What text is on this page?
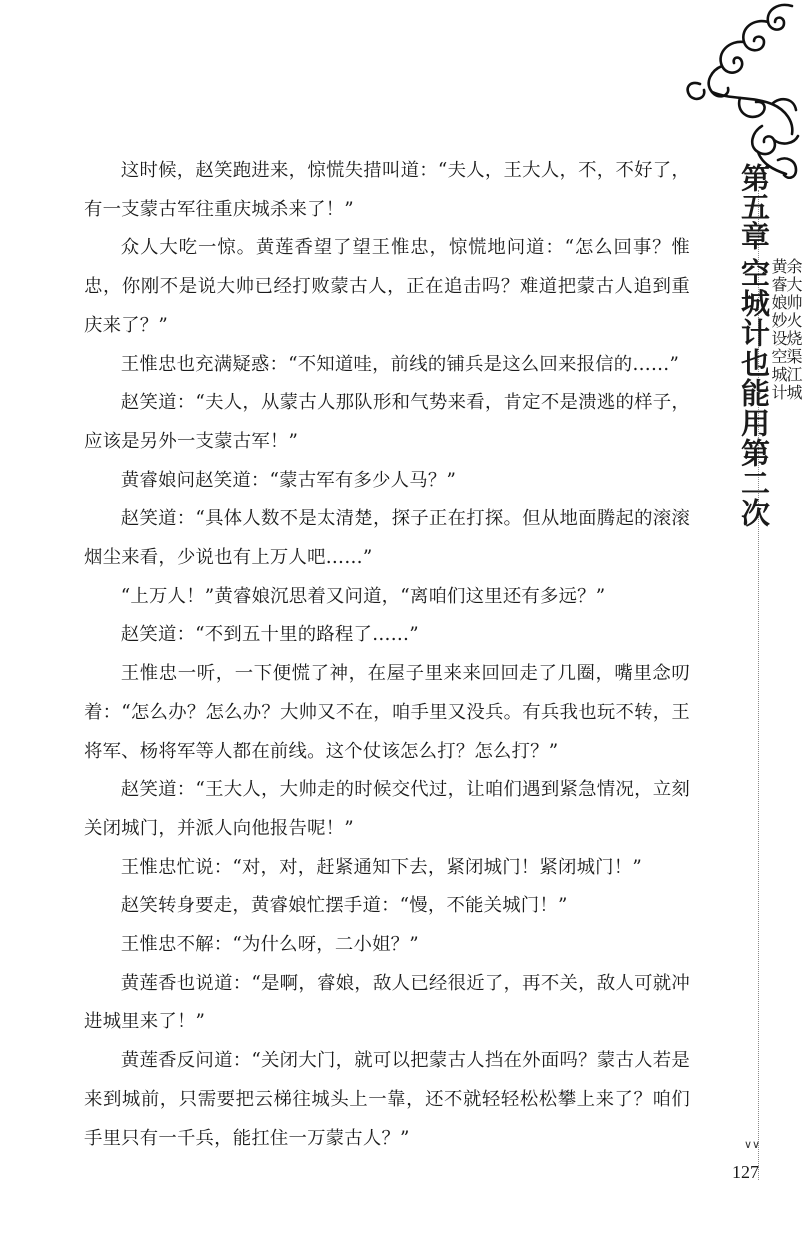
第五章
空城计也能用第二次 余大帅火烧渠江城
黄睿娘妙设空城计

这时候，赵笑跑进来，惊慌失措叫道：“夫人，王大人，不，不好了，有一支蒙古军往重庆城杀来了！”

众人大吃一惊。黄莲香望了望王惟忠，惊慌地问道：“怎么回事？惟忠，你刚不是说大帅已经打败蒙古人，正在追击吗？难道把蒙古人追到重庆来了？”

王惟忠也充满疑惑：“不知道哇，前线的铺兵是这么回来报信的……”

赵笑道：“夫人，从蒙古人那队形和气势来看，肯定不是溃逃的样子，应该是另外一支蒙古军！”

黄睿娘问赵笑道：“蒙古军有多少人马？”

赵笑道：“具体人数不是太清楚，探子正在打探。但从地面腾起的滚滚烟尘来看，少说也有上万人吧……”

“上万人！”黄睿娘沉思着又问道，“离咱们这里还有多远？”

赵笑道：“不到五十里的路程了……”

王惟忠一听，一下便慌了神，在屋子里来来回回走了几圈，嘴里念叨着：“怎么办？怎么办？大帅又不在，咱手里又没兵。有兵我也玩不转，王将军、杨将军等人都在前线。这个仗该怎么打？怎么打？”

赵笑道：“王大人，大帅走的时候交代过，让咱们遇到紧急情况，立刻关闭城门，并派人向他报告呢！”

王惟忠忙说：“对，对，赶紧通知下去，紧闭城门！紧闭城门！”

赵笑转身要走，黄睿娘忙摆手道：“慢，不能关城门！”

王惟忠不解：“为什么呀，二小姐？”

黄莲香也说道：“是啊，睿娘，敌人已经很近了，再不关，敌人可就冲进城里来了！”

黄莲香反问道：“关闭大门，就可以把蒙古人挡在外面吗？蒙古人若是来到城前，只需要把云梯往城头上一靠，还不就轻轻松松攀上来了？咱们手里只有一千兵，能扛住一万蒙古人？”	∨∨
127
